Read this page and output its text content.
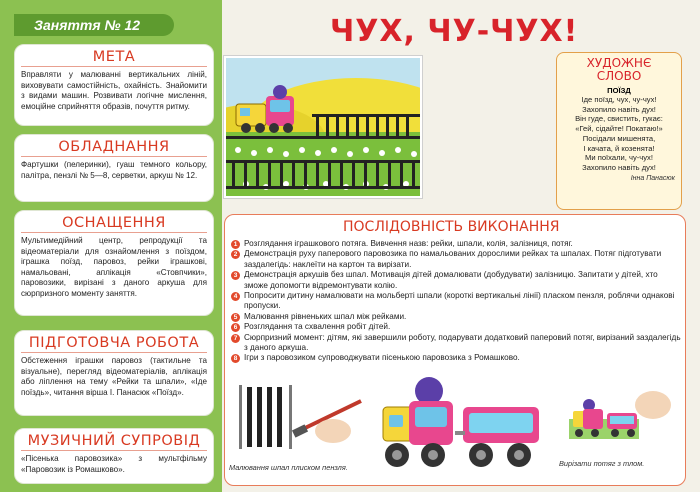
Заняття № 12
МЕТА
Вправляти у малюванні вертикальних ліній, виховувати самостійність, охайність. Знайомити з видами машин. Розвивати логічне мислення, емоційне сприйняття образів, почуття ритму.
ОБЛАДНАННЯ
Фартушки (пелеринки), гуаш темного кольору, палітра, пензлі № 5—8, серветки, аркуш № 12.
ОСНАЩЕННЯ
Мультимедійний центр, репродукції та відеоматеріали для ознайомлення з поїздом, іграшка поїзд, паровоз, рейки іграшкові, намальовані, аплікація «Стовпчики», паровозики, вирізані з даного аркуша для сюрпризного моменту заняття.
ПІДГОТОВЧА РОБОТА
Обстеження іграшки паровоз (тактильне та візуальне), перегляд відеоматеріалів, аплікація або ліплення на тему «Рейки та шпали», «Іде поїздь», читання вірша І. Панасюк «Поїзд».
МУЗИЧНИЙ СУПРОВІД
«Пісенька паровозика» з мультфільму «Паровозик із Ромашково».
ЧУХ, ЧУ-ЧУХ!
ХУДОЖНЄ
СЛОВО
ПОЇЗД
Іде поїзд, чух, чу-чух!
Захопило навіть дух!
Він гуде, свистить, гукає:
«Гей, сідайте! Покатаю!»
Посідали мишенята,
І качата, й козенята!
Ми поїхали, чу-чух!
Захопило навіть дух!
Інна Панасюк
ПОСЛІДОВНІСТЬ ВИКОНАННЯ
1 Розглядання іграшкового потяга. Вивчення назв: рейки, шпали, колія, залізниця, потяг.
2 Демонстрація руху паперового паровозика по намальованих дорослими рейках та шпалах. Потяг підготувати заздалегідь: наклеїти на картон та вирізати.
3 Демонстрація аркушів без шпал. Мотивація дітей домалювати (добудувати) залізницю. Запитати у дітей, хто зможе допомогти відремонтувати колію.
4 Попросити дитину намалювати на мольберті шпали (короткі вертикальні лінії) пласком пензля, роблячи однакові пропуски.
5 Малювання рівненьких шпал між рейками.
6 Розглядання та схвалення робіт дітей.
7 Сюрпризний момент: дітям, які завершили роботу, подарувати додатковий паперовий потяг, вирізаний заздалегідь з даного аркуша.
8 Ігри з паровозиком супроводжувати пісенькою паровозика з Ромашково.
Малювання шпал плиском пензля.	Вирізати потяг з тлом.
